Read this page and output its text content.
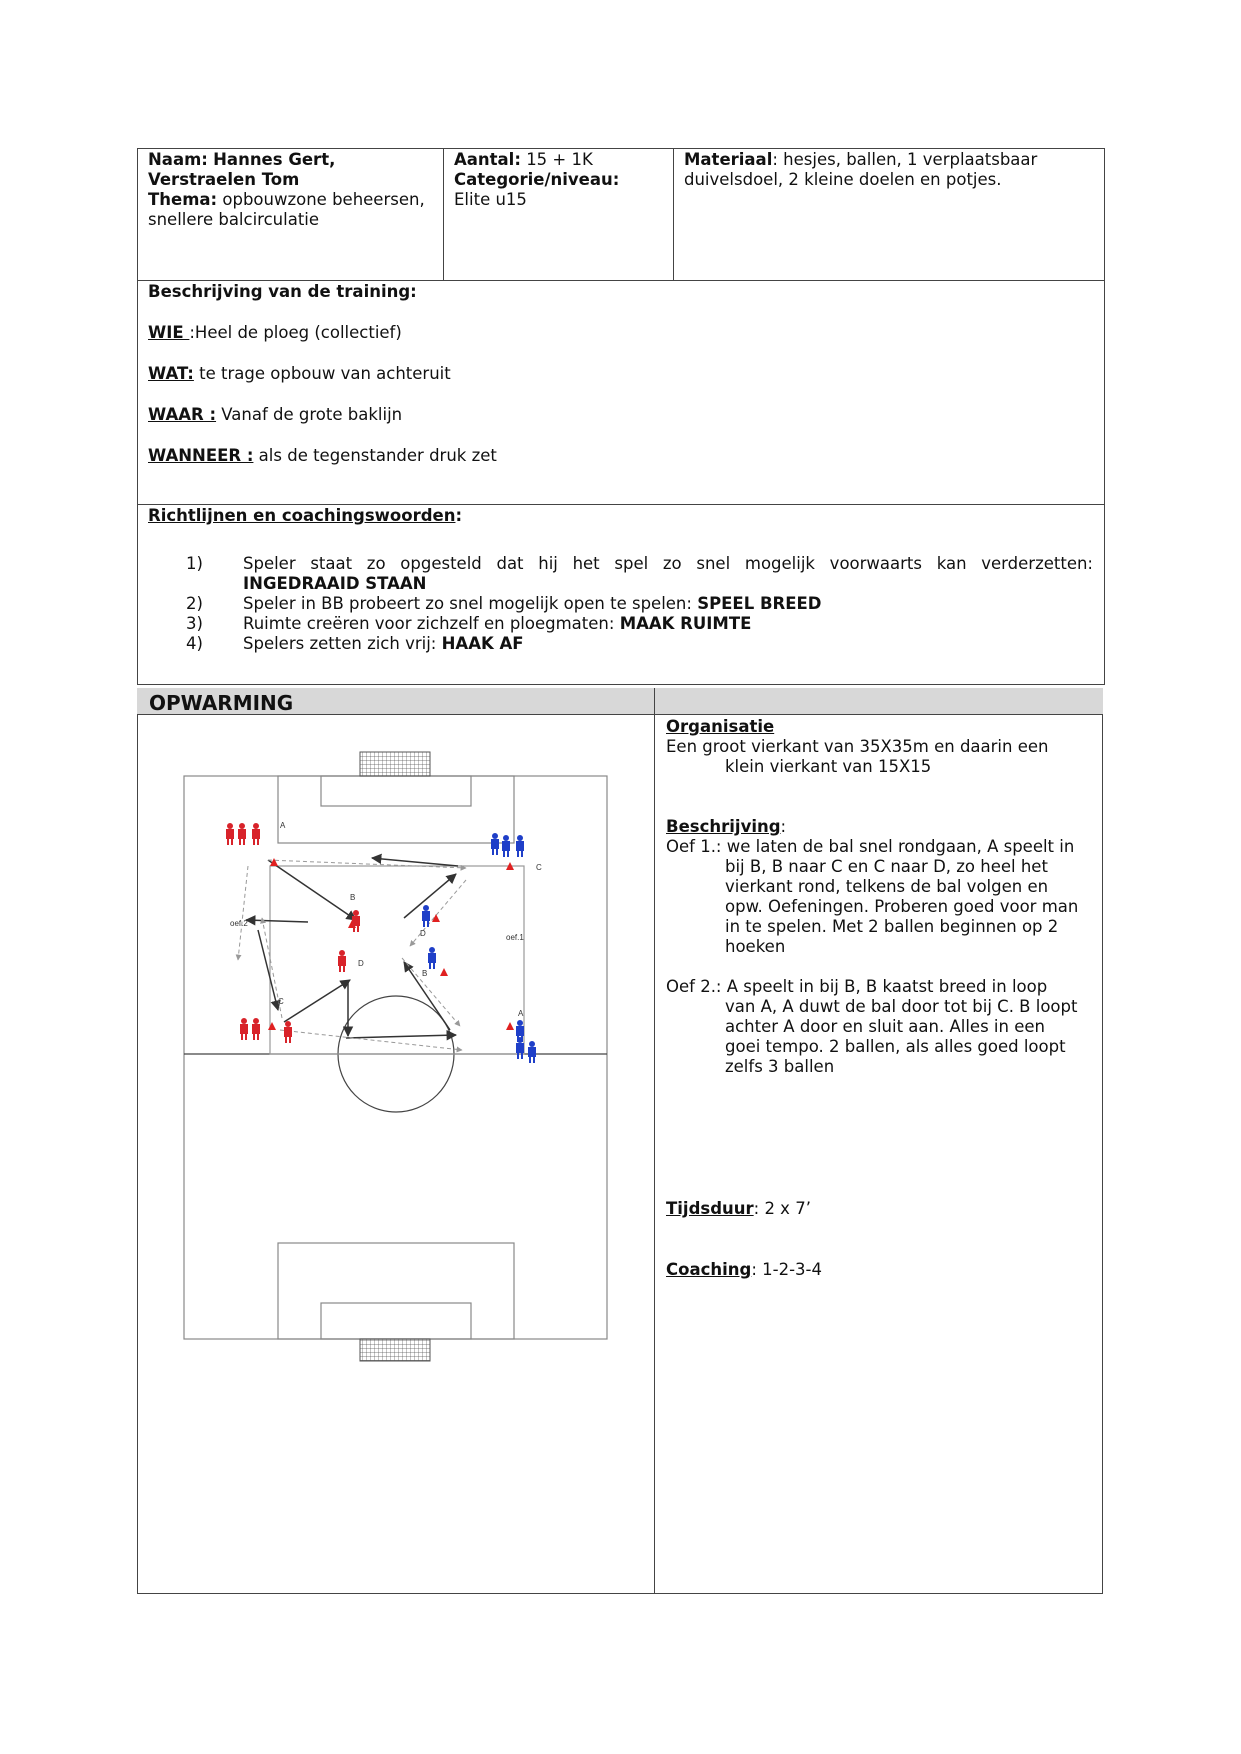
Naam: Hannes Gert,
Verstraelen Tom
Thema: opbouwzone beheersen,
snellere balcirculatie
Aantal: 15 + 1K
Categorie/niveau:
Elite u15
Materiaal: hesjes, ballen, 1 verplaatsbaar
duivelsdoel, 2 kleine doelen en potjes.
Beschrijving van de training:
WIE :Heel de ploeg (collectief)
WAT: te trage opbouw van achteruit
WAAR : Vanaf de grote baklijn
WANNEER : als de tegenstander druk zet
Richtlijnen en coachingswoorden:
1)	Speler staat zo opgesteld dat hij het spel zo snel mogelijk voorwaarts kan verderzetten:
INGEDRAAID STAAN
2)	Speler in BB probeert zo snel mogelijk open te spelen: SPEEL BREED
3)	Ruimte creëren voor zichzelf en ploegmaten: MAAK RUIMTE
4)	Spelers zetten zich vrij: HAAK AF
OPWARMING
Organisatie
Een groot vierkant van 35X35m en daarin een
klein vierkant van 15X15
Beschrijving:
Oef 1.: we laten de bal snel rondgaan, A speelt in
bij B, B naar C en C naar D, zo heel het
vierkant rond, telkens de bal volgen en
opw. Oefeningen. Proberen goed voor man
in te spelen. Met 2 ballen beginnen op 2
hoeken
Oef 2.: A speelt in bij B, B kaatst breed in loop
van A, A duwt de bal door tot bij C. B loopt
achter A door en sluit aan. Alles in een
goei tempo. 2 ballen, als alles goed loopt
zelfs 3 ballen
Tijdsduur: 2 x 7’
Coaching: 1-2-3-4
A
B
C
D
A
B
C
D
oef.1
oef.2
